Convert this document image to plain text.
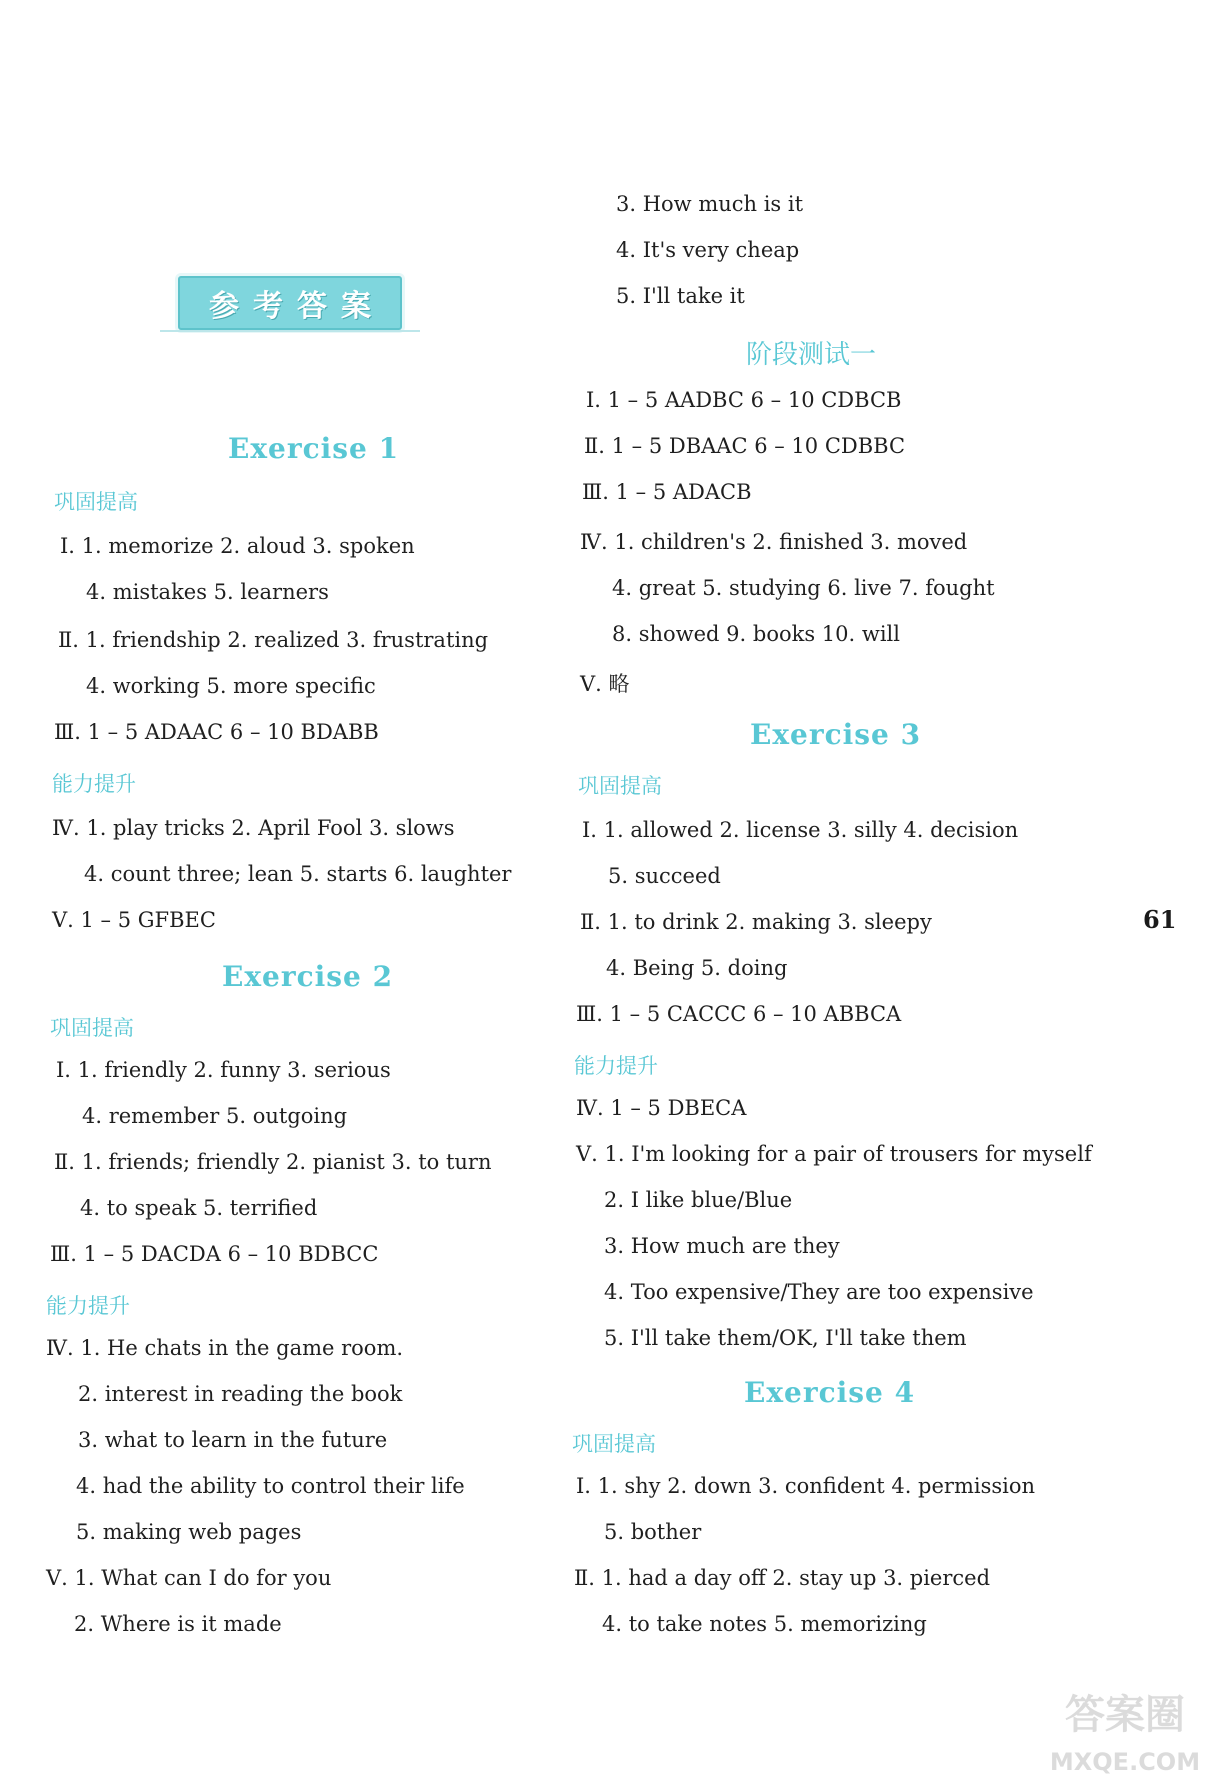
参考答案
Exercise 1
巩固提高
Ⅰ. 1. memorize 2. aloud 3. spoken
4. mistakes 5. learners
Ⅱ. 1. friendship 2. realized 3. frustrating
4. working 5. more specific
Ⅲ. 1 – 5 ADAAC 6 – 10 BDABB
能力提升
Ⅳ. 1. play tricks 2. April Fool 3. slows
4. count three; lean 5. starts 6. laughter
Ⅴ. 1 – 5 GFBEC
Exercise 2
巩固提高
Ⅰ. 1. friendly 2. funny 3. serious
4. remember 5. outgoing
Ⅱ. 1. friends; friendly 2. pianist 3. to turn
4. to speak 5. terrified
Ⅲ. 1 – 5 DACDA 6 – 10 BDBCC
能力提升
Ⅳ. 1. He chats in the game room.
2. interest in reading the book
3. what to learn in the future
4. had the ability to control their life
5. making web pages
Ⅴ. 1. What can I do for you
2. Where is it made
3. How much is it
4. It's very cheap
5. I'll take it
阶段测试一
Ⅰ. 1 – 5 AADBC 6 – 10 CDBCB
Ⅱ. 1 – 5 DBAAC 6 – 10 CDBBC
Ⅲ. 1 – 5 ADACB
Ⅳ. 1. children's 2. finished 3. moved
4. great 5. studying 6. live 7. fought
8. showed 9. books 10. will
Ⅴ. 略
Exercise 3
巩固提高
Ⅰ. 1. allowed 2. license 3. silly 4. decision
5. succeed
Ⅱ. 1. to drink 2. making 3. sleepy
4. Being 5. doing
Ⅲ. 1 – 5 CACCC 6 – 10 ABBCA
能力提升
Ⅳ. 1 – 5 DBECA
Ⅴ. 1. I'm looking for a pair of trousers for myself
2. I like blue/Blue
3. How much are they
4. Too expensive/They are too expensive
5. I'll take them/OK, I'll take them
Exercise 4
巩固提高
Ⅰ. 1. shy 2. down 3. confident 4. permission
5. bother
Ⅱ. 1. had a day off 2. stay up 3. pierced
4. to take notes 5. memorizing
61
答案圈
MXQE.COM
